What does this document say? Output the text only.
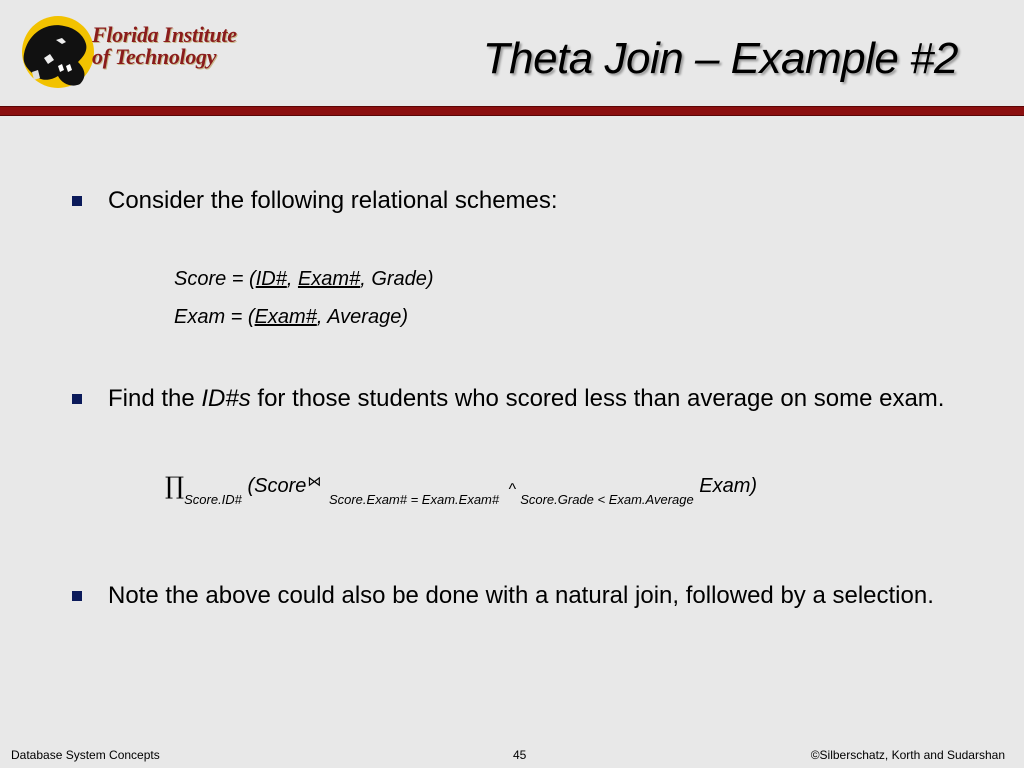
Florida Institute
of Technology	Theta Join – Example #2
Consider the following relational schemes:
Score = (ID#, Exam#, Grade)
Exam = (Exam#, Average)
Find the ID#s for those students who scored less than average on some exam.
$\prod_{Score.ID\#}$ (Score⋈ $_{Score.Exam\# = Exam.Exam\#}$ $\^{}_{Score.Grade < Exam.Average}$ Exam)
Note the above could also be done with a natural join, followed by a selection.
Database System Concepts	45	©Silberschatz, Korth and Sudarshan
